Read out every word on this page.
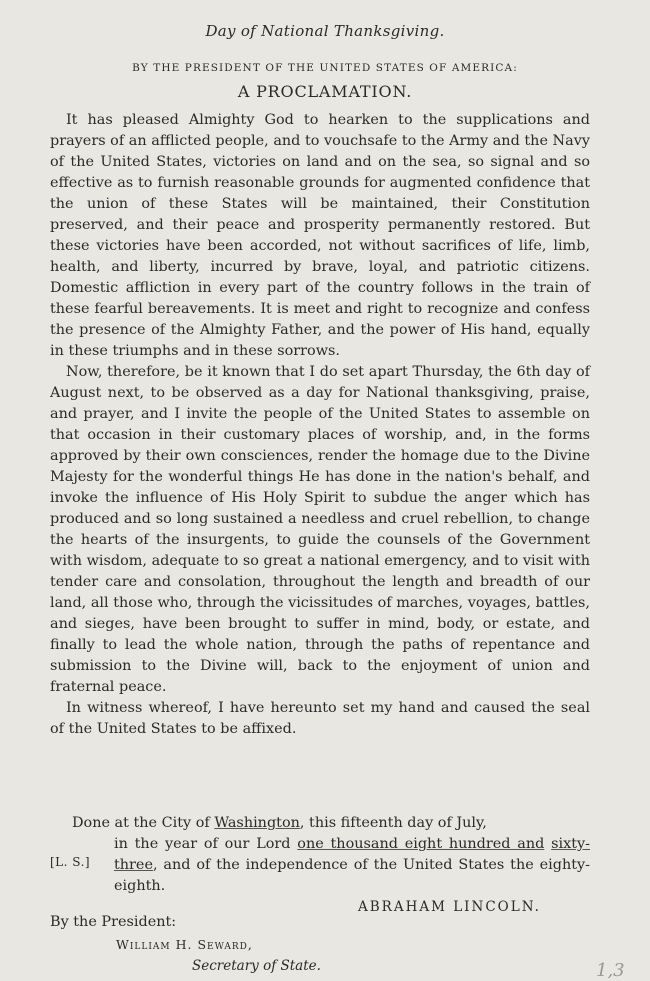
Day of National Thanksgiving.
BY THE PRESIDENT OF THE UNITED STATES OF AMERICA:
A PROCLAMATION.

It has pleased Almighty God to hearken to the supplications and prayers of an afflicted people, and to vouchsafe to the Army and the Navy of the United States, victories on land and on the sea, so signal and so effective as to furnish reasonable grounds for augmented confidence that the union of these States will be maintained, their Constitution preserved, and their peace and prosperity permanently restored. But these victories have been accorded, not without sacrifices of life, limb, health, and liberty, incurred by brave, loyal, and patriotic citizens. Domestic affliction in every part of the country follows in the train of these fearful bereavements. It is meet and right to recognize and confess the presence of the Almighty Father, and the power of His hand, equally in these triumphs and in these sorrows.

Now, therefore, be it known that I do set apart Thursday, the 6th day of August next, to be observed as a day for National thanksgiving, praise, and prayer, and I invite the people of the United States to assemble on that occasion in their customary places of worship, and, in the forms approved by their own consciences, render the homage due to the Divine Majesty for the wonderful things He has done in the nation's behalf, and invoke the influence of His Holy Spirit to subdue the anger which has produced and so long sustained a needless and cruel rebellion, to change the hearts of the insurgents, to guide the counsels of the Government with wisdom, adequate to so great a national emergency, and to visit with tender care and consolation, throughout the length and breadth of our land, all those who, through the vicissitudes of marches, voyages, battles, and sieges, have been brought to suffer in mind, body, or estate, and finally to lead the whole nation, through the paths of repentance and submission to the Divine will, back to the enjoyment of union and fraternal peace.

In witness whereof, I have hereunto set my hand and caused the seal of the United States to be affixed.

Done at the City of Washington, this fifteenth day of July,
in the year of our Lord one thousand eight hundred and sixty-three, and of the independence of the United States the eighty-eighth.
[L. S.]
ABRAHAM LINCOLN.
By the President:
William H. Seward,
Secretary of State.	1,3
